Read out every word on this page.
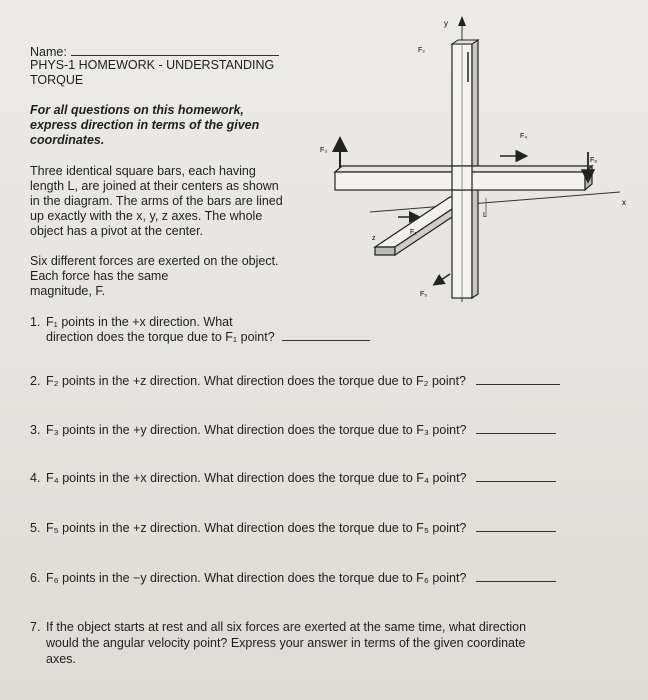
Name:
PHYS-1 HOMEWORK - UNDERSTANDING
TORQUE
For all questions on this homework,
express direction in terms of the given
coordinates.
Three identical square bars, each having
length L, are joined at their centers as shown
in the diagram. The arms of the bars are lined
up exactly with the x, y, z axes. The whole
object has a pivot at the center.
Six different forces are exerted on the object.
Each force has the same
magnitude, F.
y
x
z
L
F₁
F₂
F₃
F₄
F₅
F₆
1. F₁ points in the +x direction. What
direction does the torque due to F₁ point?
2. F₂ points in the +z direction. What direction does the torque due to F₂ point?
3. F₃ points in the +y direction. What direction does the torque due to F₃ point?
4. F₄ points in the +x direction. What direction does the torque due to F₄ point?
5. F₅ points in the +z direction. What direction does the torque due to F₅ point?
6. F₆ points in the −y direction. What direction does the torque due to F₆ point?
7. If the object starts at rest and all six forces are exerted at the same time, what direction
would the angular velocity point? Express your answer in terms of the given coordinate
axes.
